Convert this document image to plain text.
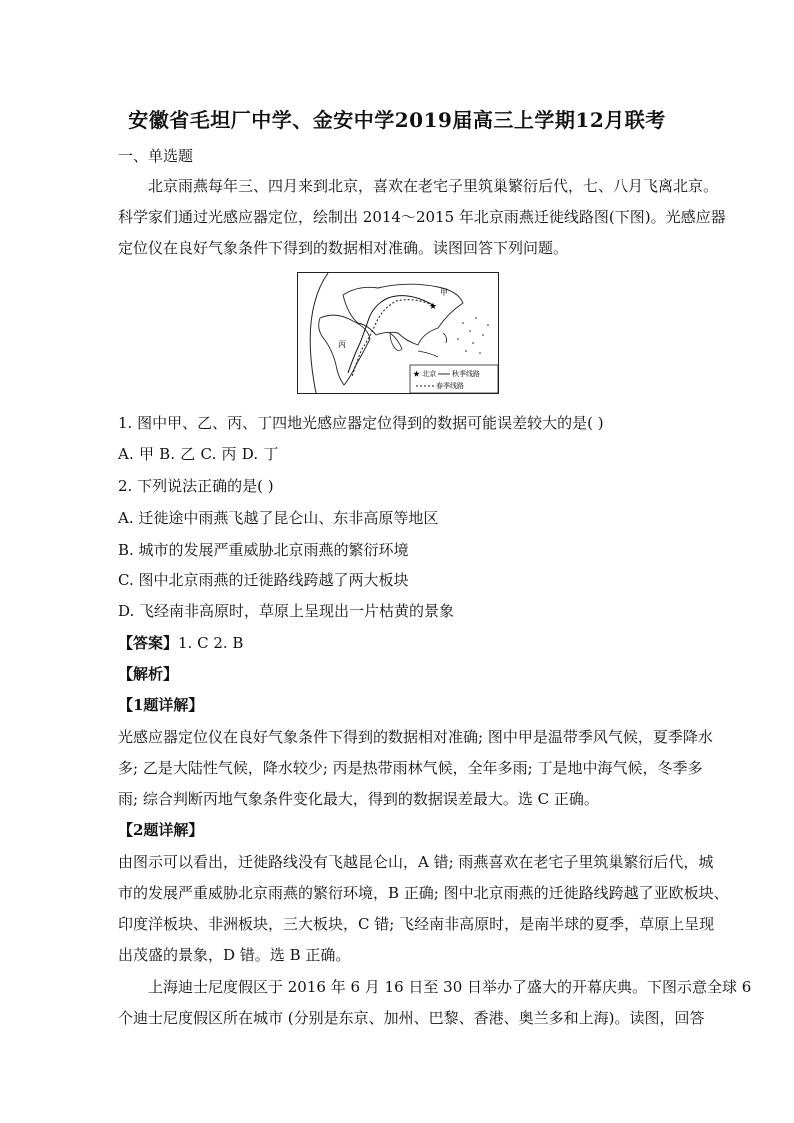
安徽省毛坦厂中学、金安中学2019届高三上学期12月联考
一、单选题
北京雨燕每年三、四月来到北京，喜欢在老宅子里筑巢繁衍后代，七、八月飞离北京。
科学家们通过光感应器定位，绘制出 2014～2015 年北京雨燕迁徙线路图(下图)。光感应器
定位仪在良好气象条件下得到的数据相对准确。读图回答下列问题。
★
甲
丙
★ 北京 秋季线路
春季线路
1. 图中甲、乙、丙、丁四地光感应器定位得到的数据可能误差较大的是( )
A. 甲 B. 乙 C. 丙 D. 丁
2. 下列说法正确的是( )
A. 迁徙途中雨燕飞越了昆仑山、东非高原等地区
B. 城市的发展严重威胁北京雨燕的繁衍环境
C. 图中北京雨燕的迁徙路线跨越了两大板块
D. 飞经南非高原时，草原上呈现出一片枯黄的景象
【答案】1. C 2. B
【解析】
【1题详解】
光感应器定位仪在良好气象条件下得到的数据相对准确; 图中甲是温带季风气候，夏季降水
多; 乙是大陆性气候，降水较少; 丙是热带雨林气候，全年多雨; 丁是地中海气候，冬季多
雨; 综合判断丙地气象条件变化最大，得到的数据误差最大。选 C 正确。
【2题详解】
由图示可以看出，迁徙路线没有飞越昆仑山，A 错; 雨燕喜欢在老宅子里筑巢繁衍后代，城
市的发展严重威胁北京雨燕的繁衍环境，B 正确; 图中北京雨燕的迁徙路线跨越了亚欧板块、
印度洋板块、非洲板块，三大板块，C 错; 飞经南非高原时，是南半球的夏季，草原上呈现
出茂盛的景象，D 错。选 B 正确。
上海迪士尼度假区于 2016 年 6 月 16 日至 30 日举办了盛大的开幕庆典。下图示意全球 6
个迪士尼度假区所在城市 (分别是东京、加州、巴黎、香港、奥兰多和上海)。读图，回答
